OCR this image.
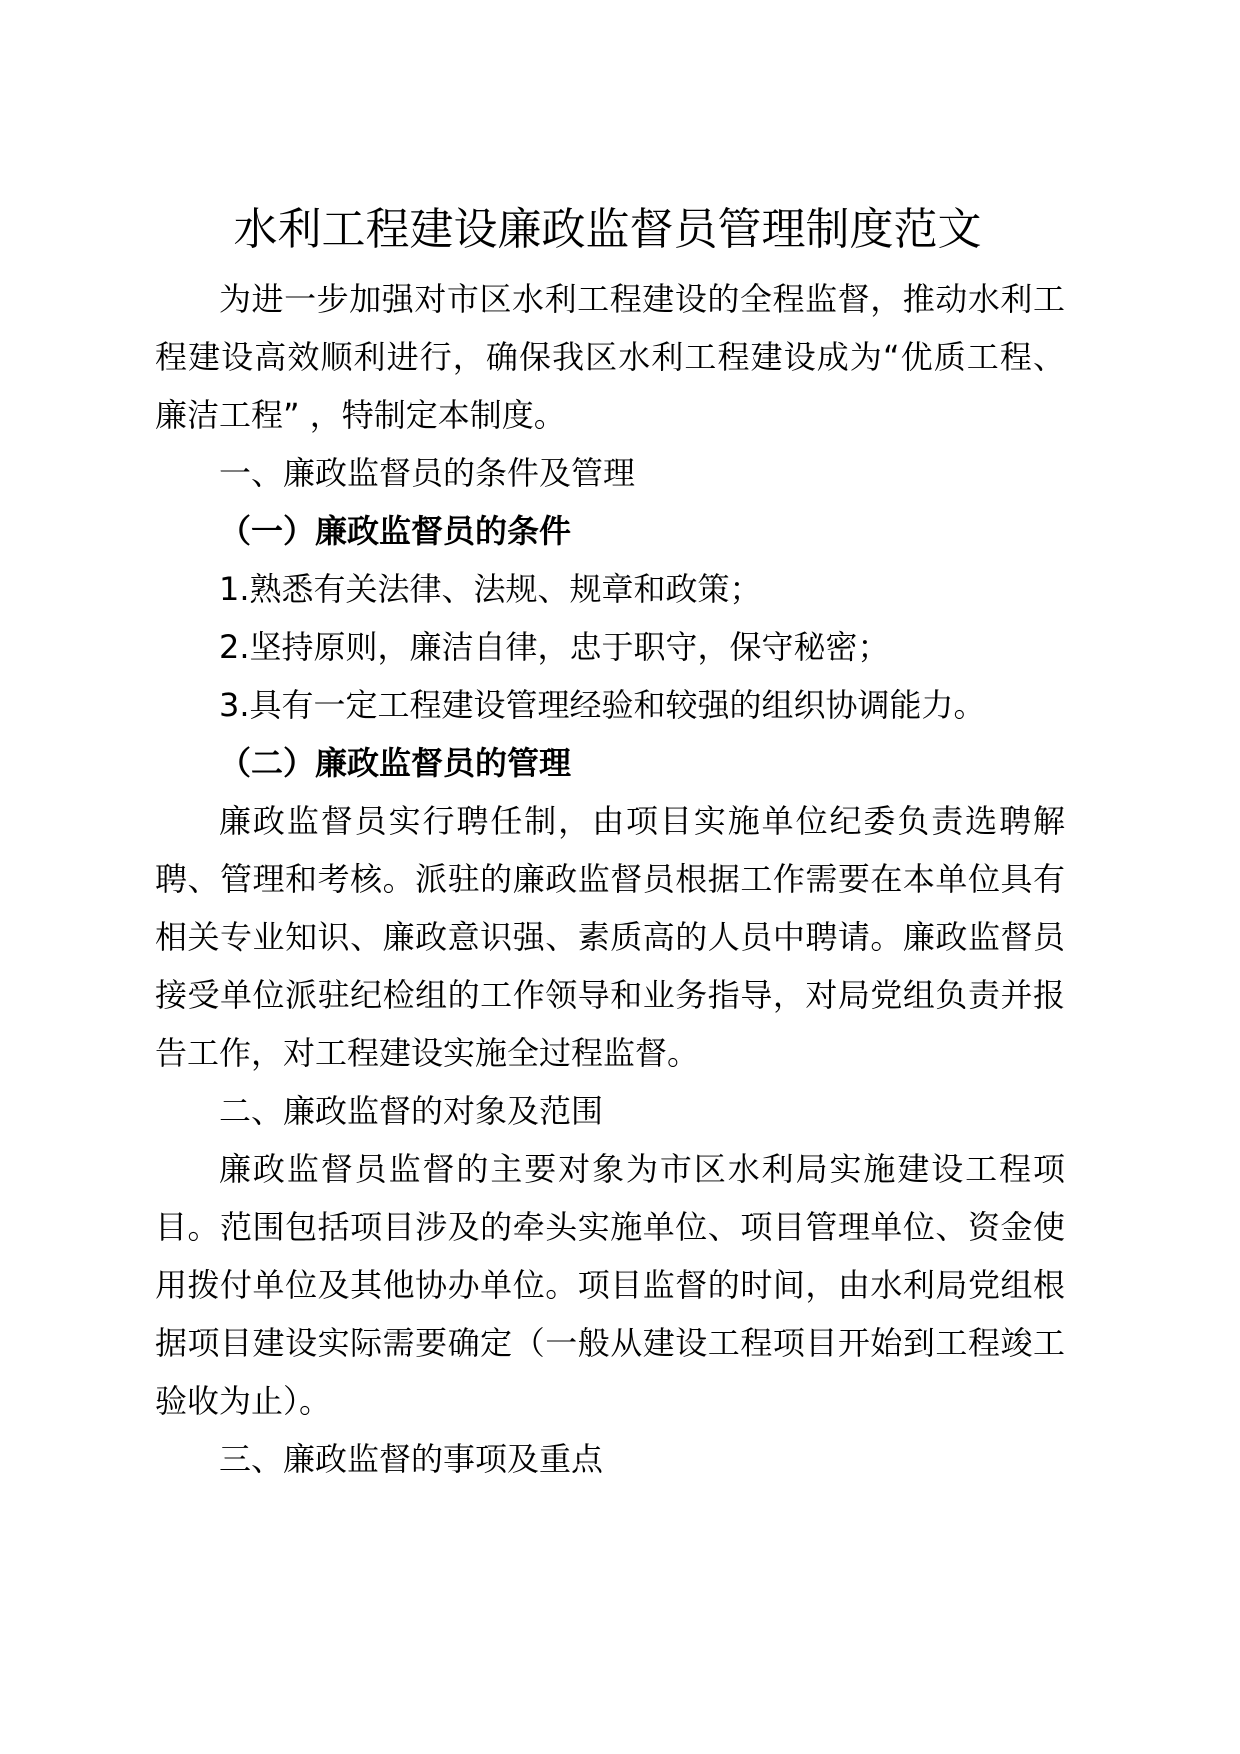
水利工程建设廉政监督员管理制度范文

为进一步加强对市区水利工程建设的全程监督，推动水利工程建设高效顺利进行，确保我区水利工程建设成为“优质工程、廉洁工程” ，特制定本制度。

一、廉政监督员的条件及管理

（一）廉政监督员的条件

1.熟悉有关法律、法规、规章和政策；

2.坚持原则，廉洁自律，忠于职守，保守秘密；

3.具有一定工程建设管理经验和较强的组织协调能力。

（二）廉政监督员的管理

廉政监督员实行聘任制，由项目实施单位纪委负责选聘解聘、管理和考核。派驻的廉政监督员根据工作需要在本单位具有相关专业知识、廉政意识强、素质高的人员中聘请。廉政监督员接受单位派驻纪检组的工作领导和业务指导，对局党组负责并报告工作，对工程建设实施全过程监督。

二、廉政监督的对象及范围

廉政监督员监督的主要对象为市区水利局实施建设工程项目。范围包括项目涉及的牵头实施单位、项目管理单位、资金使用拨付单位及其他协办单位。项目监督的时间，由水利局党组根据项目建设实际需要确定（一般从建设工程项目开始到工程竣工验收为止）。

三、廉政监督的事项及重点
